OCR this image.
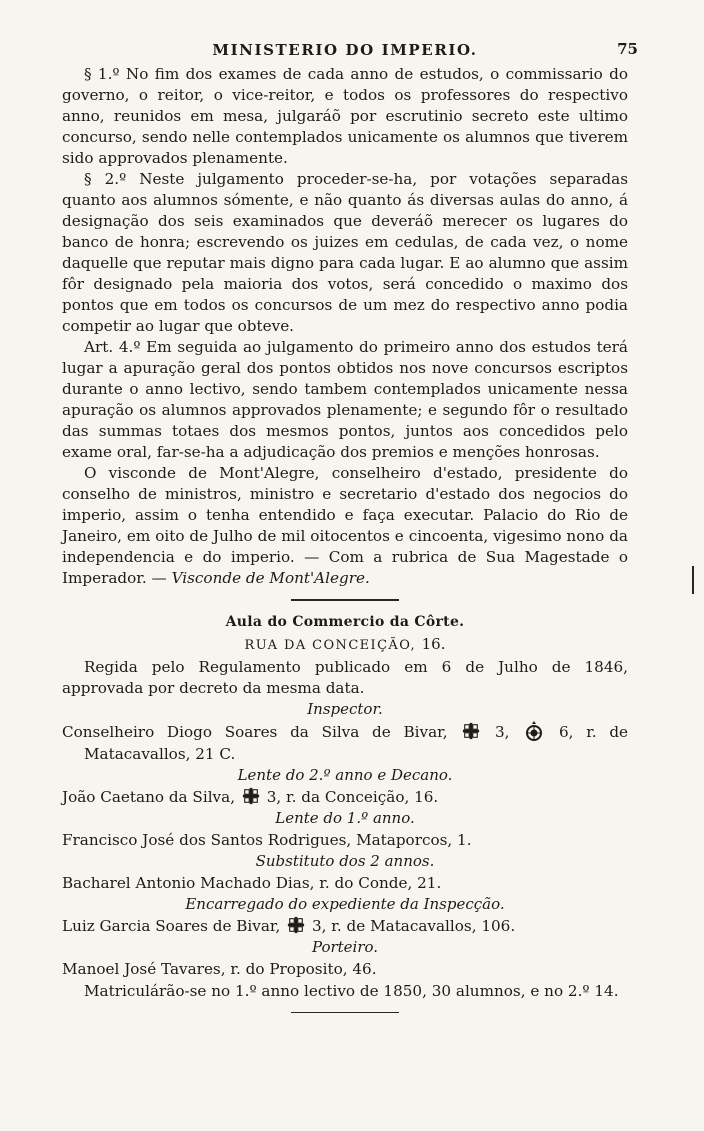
MINISTERIO DO IMPERIO.	75

§ 1.º No fim dos exames de cada anno de estudos, o commissario do governo, o reitor, o vice-reitor, e todos os professores do respectivo anno, reunidos em mesa, julgaráõ por escrutinio secreto este ultimo concurso, sendo nelle contemplados unicamente os alumnos que tiverem sido approvados plenamente.

§ 2.º Neste julgamento proceder-se-ha, por votações separadas quanto aos alumnos sómente, e não quanto ás diversas aulas do anno, á designação dos seis examinados que deveráõ merecer os lugares do banco de honra; escrevendo os juizes em cedulas, de cada vez, o nome daquelle que reputar mais digno para cada lugar. E ao alumno que assim fôr designado pela maioria dos votos, será concedido o maximo dos pontos que em todos os concursos de um mez do respectivo anno podia competir ao lugar que obteve.

Art. 4.º Em seguida ao julgamento do primeiro anno dos estudos terá lugar a apuração geral dos pontos obtidos nos nove concursos escriptos durante o anno lectivo, sendo tambem contemplados unicamente nessa apuração os alumnos approvados plenamente; e segundo fôr o resultado das summas totaes dos mesmos pontos, juntos aos concedidos pelo exame oral, far-se-ha a adjudicação dos premios e menções honrosas.

O visconde de Mont'Alegre, conselheiro d'estado, presidente do conselho de ministros, ministro e secretario d'estado dos negocios do imperio, assim o tenha entendido e faça executar. Palacio do Rio de Janeiro, em oito de Julho de mil oitocentos e cincoenta, vigesimo nono da independencia e do imperio. — Com a rubrica de Sua Magestade o Imperador. — Visconde de Mont'Alegre.

Aula do Commercio da Côrte.
RUA DA CONCEIÇÃO, 16.

Regida pelo Regulamento publicado em 6 de Julho de 1846, approvada por decreto da mesma data.

Inspector.

Conselheiro Diogo Soares da Silva de Bivar,	3,	6, r. de Matacavallos, 21 C.

Lente do 2.º anno e Decano.

João Caetano da Silva, 3, r. da Conceição, 16.

Lente do 1.º anno.

Francisco José dos Santos Rodrigues, Mataporcos, 1.

Substituto dos 2 annos.

Bacharel Antonio Machado Dias, r. do Conde, 21.

Encarregado do expediente da Inspecção.

Luiz Garcia Soares de Bivar, 3, r. de Matacavallos, 106.

Porteiro.

Manoel José Tavares, r. do Proposito, 46.

Matriculárão-se no 1.º anno lectivo de 1850, 30 alumnos, e no 2.º 14.
